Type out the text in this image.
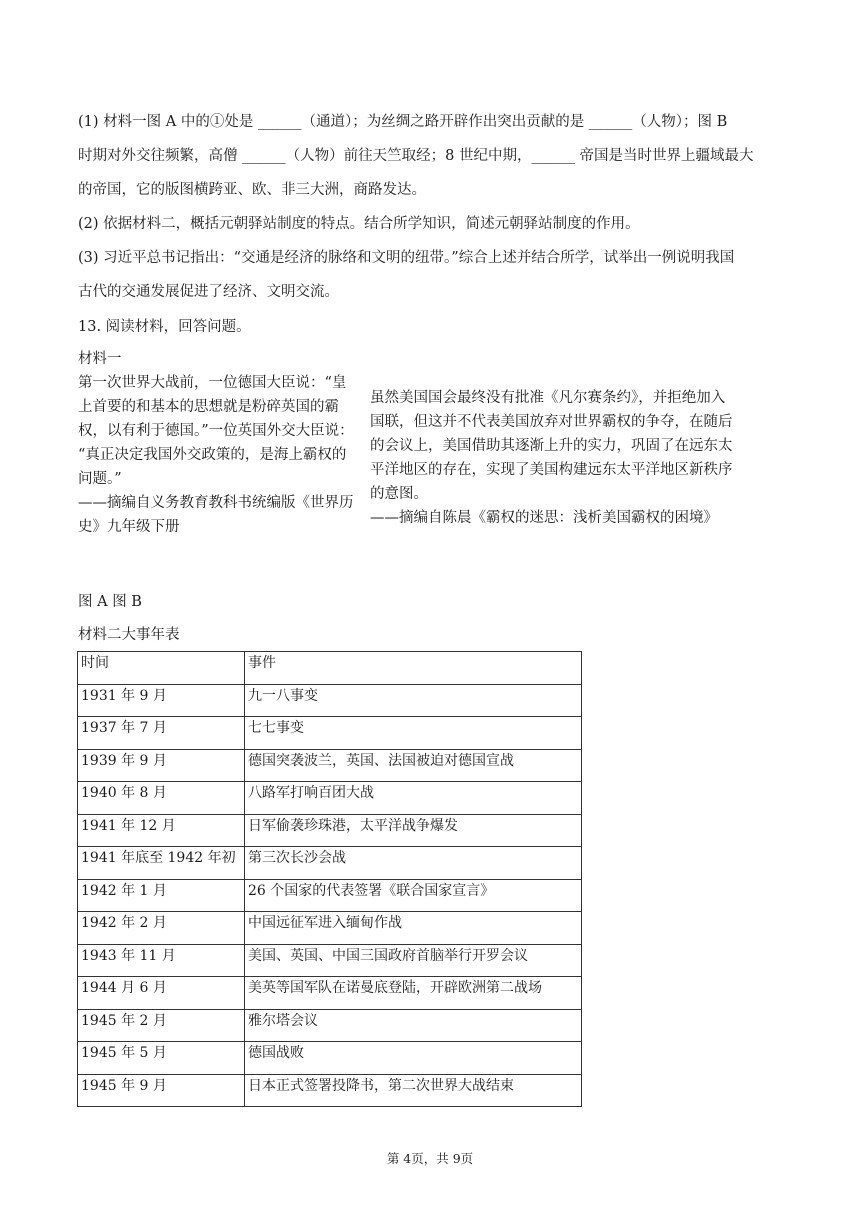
(1) 材料一图 A 中的①处是 ______（通道）；为丝绸之路开辟作出突出贡献的是 ______（人物）；图 B
时期对外交往频繁，高僧 ______（人物）前往天竺取经；8 世纪中期，______ 帝国是当时世界上疆域最大
的帝国，它的版图横跨亚、欧、非三大洲，商路发达。
(2) 依据材料二，概括元朝驿站制度的特点。结合所学知识，简述元朝驿站制度的作用。
(3) 习近平总书记指出：“交通是经济的脉络和文明的纽带。”综合上述并结合所学，试举出一例说明我国
古代的交通发展促进了经济、文明交流。
13. 阅读材料，回答问题。
材料一
第一次世界大战前，一位德国大臣说：“皇
上首要的和基本的思想就是粉碎英国的霸
权，以有利于德国。”一位英国外交大臣说：
“真正决定我国外交政策的，是海上霸权的
问题。”
——摘编自义务教育教科书统编版《世界历
史》九年级下册
虽然美国国会最终没有批准《凡尔赛条约》，并拒绝加入
国联，但这并不代表美国放弃对世界霸权的争夺，在随后
的会议上，美国借助其逐渐上升的实力，巩固了在远东太
平洋地区的存在，实现了美国构建远东太平洋地区新秩序
的意图。
——摘编自陈晨《霸权的迷思：浅析美国霸权的困境》
图 A 图 B
材料二大事年表
时间	事件
1931 年 9 月	九一八事变
1937 年 7 月	七七事变
1939 年 9 月	德国突袭波兰，英国、法国被迫对德国宣战
1940 年 8 月	八路军打响百团大战
1941 年 12 月	日军偷袭珍珠港，太平洋战争爆发
1941 年底至 1942 年初	第三次长沙会战
1942 年 1 月	26 个国家的代表签署《联合国家宣言》
1942 年 2 月	中国远征军进入缅甸作战
1943 年 11 月	美国、英国、中国三国政府首脑举行开罗会议
1944 月 6 月	美英等国军队在诺曼底登陆，开辟欧洲第二战场
1945 年 2 月	雅尔塔会议
1945 年 5 月	德国战败
1945 年 9 月	日本正式签署投降书，第二次世界大战结束
第 4页，共 9页
